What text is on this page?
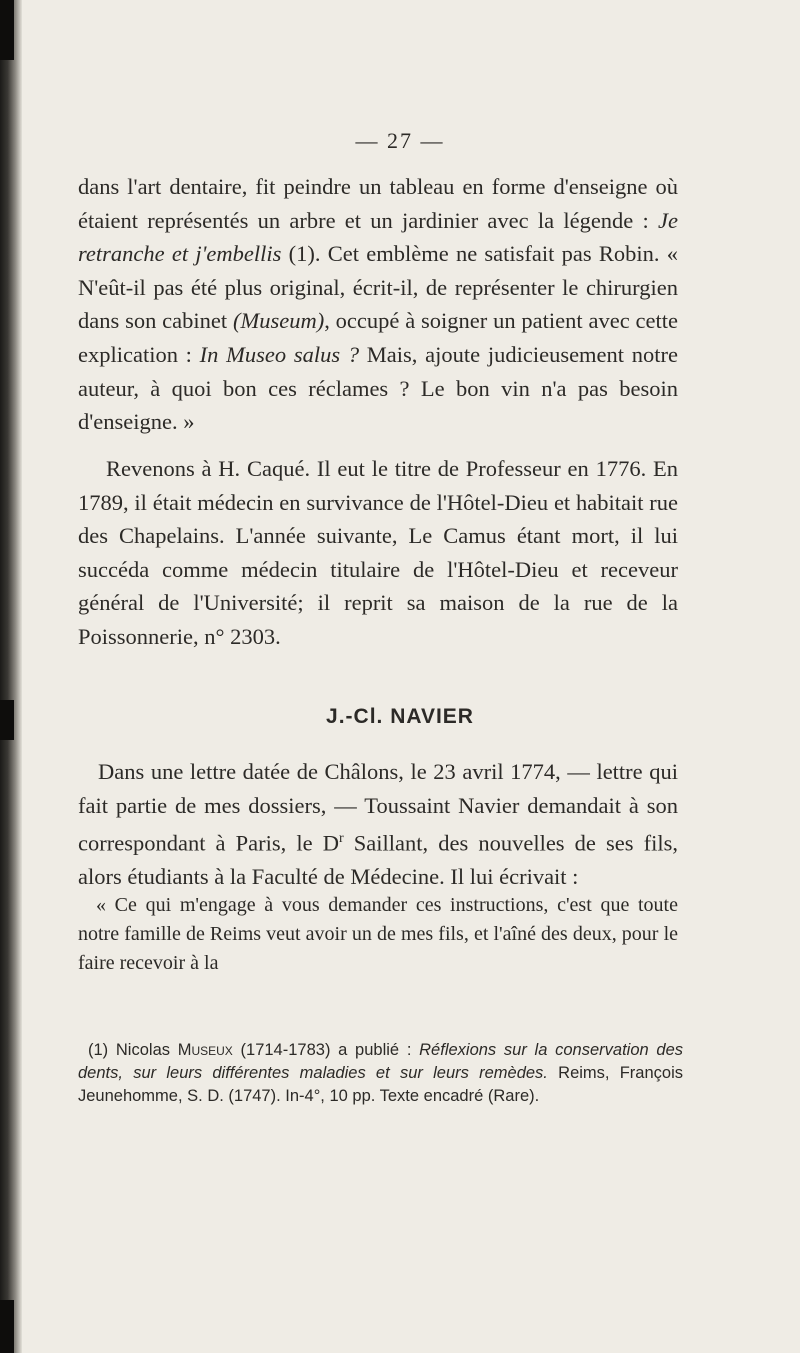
— 27 —

dans l'art dentaire, fit peindre un tableau en forme d'enseigne où étaient représentés un arbre et un jardinier avec la légende : Je retranche et j'embellis (1). Cet emblème ne satisfait pas Robin. « N'eût-il pas été plus original, écrit-il, de représenter le chirurgien dans son cabinet (Museum), occupé à soigner un patient avec cette explication : In Museo salus ? Mais, ajoute judicieusement notre auteur, à quoi bon ces réclames ? Le bon vin n'a pas besoin d'enseigne. »

Revenons à H. Caqué. Il eut le titre de Professeur en 1776. En 1789, il était médecin en survivance de l'Hôtel-Dieu et habitait rue des Chapelains. L'année suivante, Le Camus étant mort, il lui succéda comme médecin titulaire de l'Hôtel-Dieu et receveur général de l'Université; il reprit sa maison de la rue de la Poissonnerie, n° 2303.

J.-Cl. NAVIER

Dans une lettre datée de Châlons, le 23 avril 1774, — lettre qui fait partie de mes dossiers, — Toussaint Navier demandait à son correspondant à Paris, le $D^r$ Saillant, des nouvelles de ses fils, alors étudiants à la Faculté de Médecine. Il lui écrivait :

« Ce qui m'engage à vous demander ces instructions, c'est que toute notre famille de Reims veut avoir un de mes fils, et l'aîné des deux, pour le faire recevoir à la

(1) Nicolas Museux (1714-1783) a publié : Réflexions sur la conservation des dents, sur leurs différentes maladies et sur leurs remèdes. Reims, François Jeunehomme, S. D. (1747). In-4°, 10 pp. Texte encadré (Rare).
